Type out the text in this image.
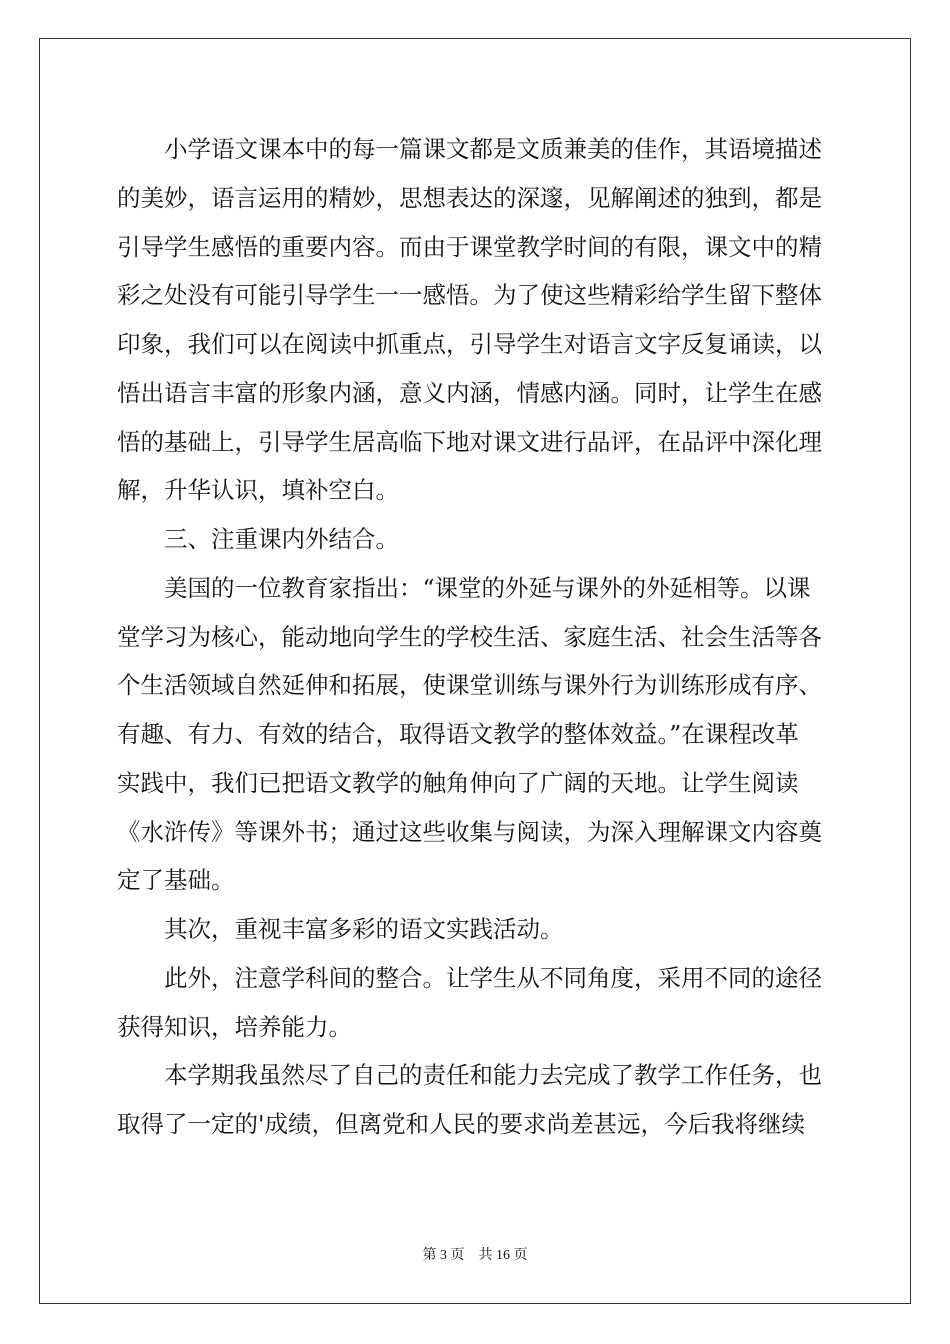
　　小学语文课本中的每一篇课文都是文质兼美的佳作，其语境描述
的美妙，语言运用的精妙，思想表达的深邃，见解阐述的独到，都是
引导学生感悟的重要内容。而由于课堂教学时间的有限，课文中的精
彩之处没有可能引导学生一一感悟。为了使这些精彩给学生留下整体
印象，我们可以在阅读中抓重点，引导学生对语言文字反复诵读，以
悟出语言丰富的形象内涵，意义内涵，情感内涵。同时，让学生在感
悟的基础上，引导学生居高临下地对课文进行品评，在品评中深化理
解，升华认识，填补空白。
　　三、注重课内外结合。
　　美国的一位教育家指出：“课堂的外延与课外的外延相等。以课
堂学习为核心，能动地向学生的学校生活、家庭生活、社会生活等各
个生活领域自然延伸和拓展，使课堂训练与课外行为训练形成有序、
有趣、有力、有效的结合，取得语文教学的整体效益。”在课程改革
实践中，我们已把语文教学的触角伸向了广阔的天地。让学生阅读
《水浒传》等课外书；通过这些收集与阅读，为深入理解课文内容奠
定了基础。
　　其次，重视丰富多彩的语文实践活动。
　　此外，注意学科间的整合。让学生从不同角度，采用不同的途径
获得知识，培养能力。
　　本学期我虽然尽了自己的责任和能力去完成了教学工作任务，也
取得了一定的'成绩，但离党和人民的要求尚差甚远，今后我将继续
第 3 页　共 16 页
